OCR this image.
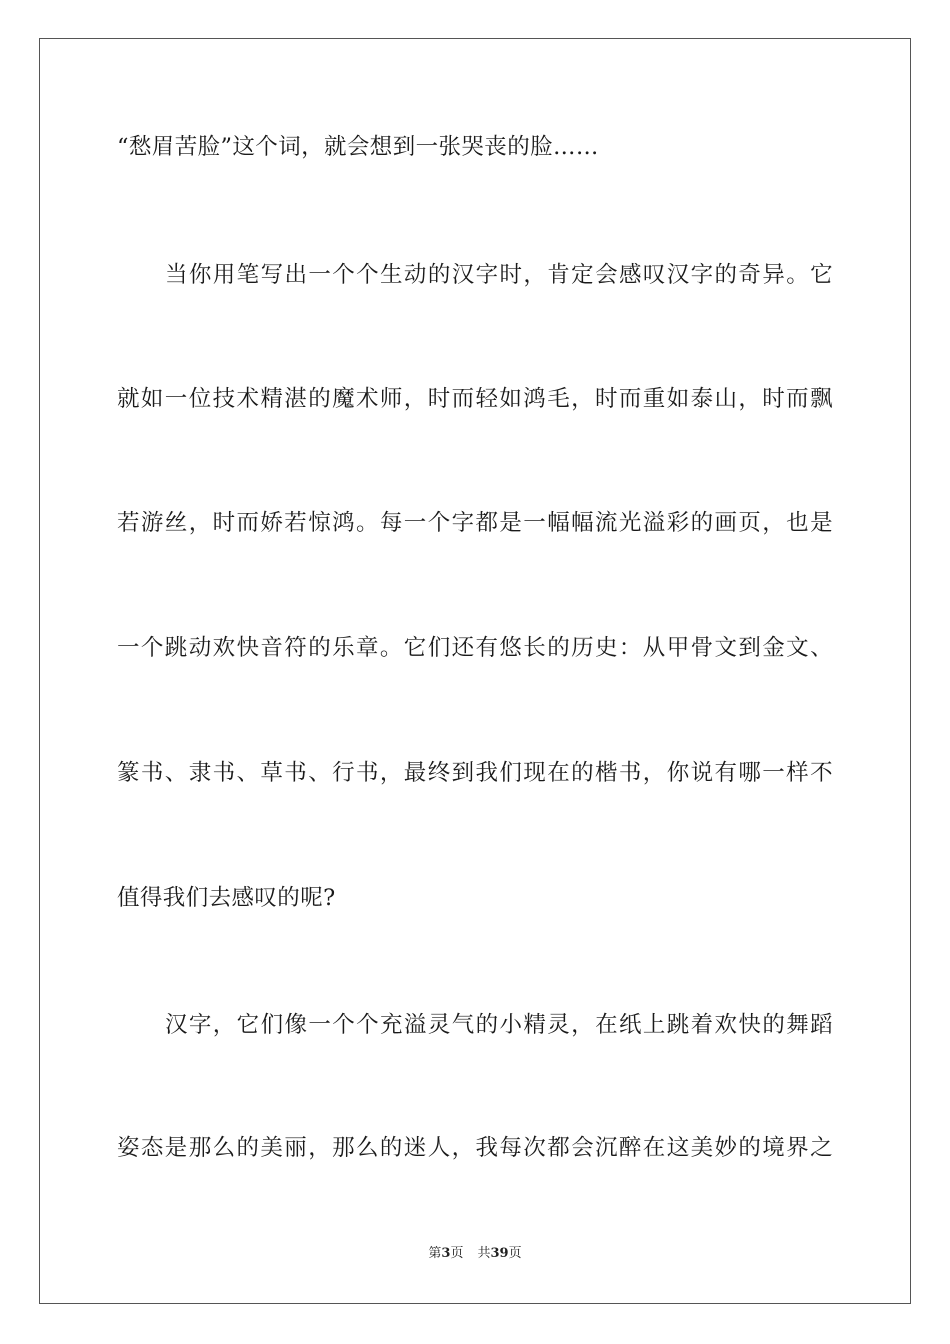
“愁眉苦脸”这个词，就会想到一张哭丧的脸……
当你用笔写出一个个生动的汉字时，肯定会感叹汉字的奇异。它
就如一位技术精湛的魔术师，时而轻如鸿毛，时而重如泰山，时而飘
若游丝，时而娇若惊鸿。每一个字都是一幅幅流光溢彩的画页，也是
一个跳动欢快音符的乐章。它们还有悠长的历史：从甲骨文到金文、
篆书、隶书、草书、行书，最终到我们现在的楷书，你说有哪一样不
值得我们去感叹的呢?
汉字，它们像一个个充溢灵气的小精灵，在纸上跳着欢快的舞蹈
姿态是那么的美丽，那么的迷人，我每次都会沉醉在这美妙的境界之
第3页 共39页
